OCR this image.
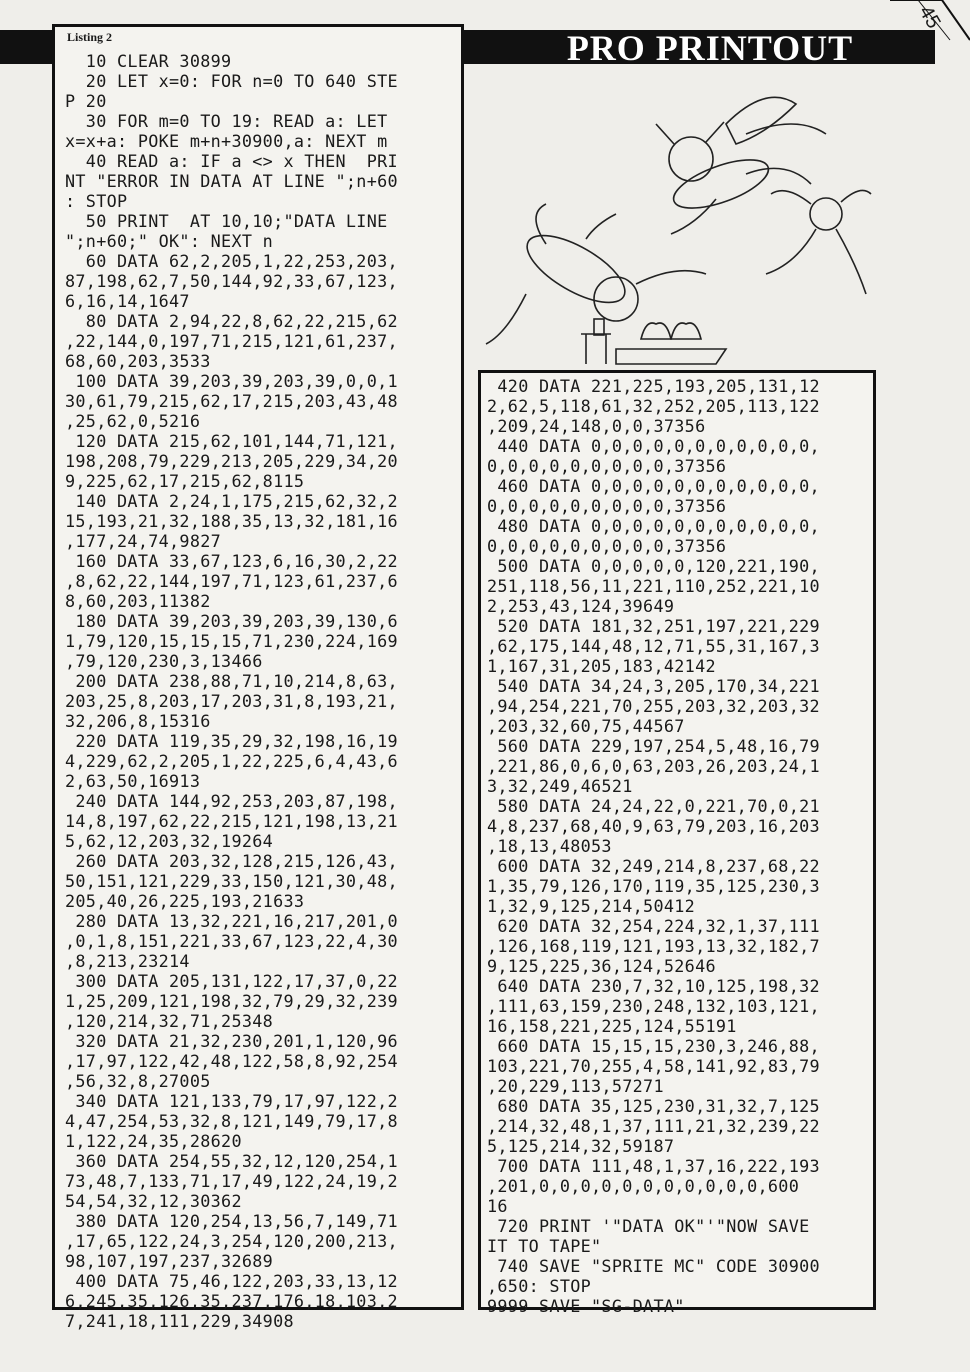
PRO PRINTOUT
45
Listing 2
10 CLEAR 30899
20 LET x=0: FOR n=0 TO 640 STE
P 20
30 FOR m=0 TO 19: READ a: LET
x=x+a: POKE m+n+30900,a: NEXT m
40 READ a: IF a <> x THEN  PRI
NT "ERROR IN DATA AT LINE ";n+60
: STOP
50 PRINT  AT 10,10;"DATA LINE
";n+60;" OK": NEXT n
60 DATA 62,2,205,1,22,253,203,
87,198,62,7,50,144,92,33,67,123,
6,16,14,1647
80 DATA 2,94,22,8,62,22,215,62
,22,144,0,197,71,215,121,61,237,
68,60,203,3533
100 DATA 39,203,39,203,39,0,0,1
30,61,79,215,62,17,215,203,43,48
,25,62,0,5216
120 DATA 215,62,101,144,71,121,
198,208,79,229,213,205,229,34,20
9,225,62,17,215,62,8115
140 DATA 2,24,1,175,215,62,32,2
15,193,21,32,188,35,13,32,181,16
,177,24,74,9827
160 DATA 33,67,123,6,16,30,2,22
,8,62,22,144,197,71,123,61,237,6
8,60,203,11382
180 DATA 39,203,39,203,39,130,6
1,79,120,15,15,15,71,230,224,169
,79,120,230,3,13466
200 DATA 238,88,71,10,214,8,63,
203,25,8,203,17,203,31,8,193,21,
32,206,8,15316
220 DATA 119,35,29,32,198,16,19
4,229,62,2,205,1,22,225,6,4,43,6
2,63,50,16913
240 DATA 144,92,253,203,87,198,
14,8,197,62,22,215,121,198,13,21
5,62,12,203,32,19264
260 DATA 203,32,128,215,126,43,
50,151,121,229,33,150,121,30,48,
205,40,26,225,193,21633
280 DATA 13,32,221,16,217,201,0
,0,1,8,151,221,33,67,123,22,4,30
,8,213,23214
300 DATA 205,131,122,17,37,0,22
1,25,209,121,198,32,79,29,32,239
,120,214,32,71,25348
320 DATA 21,32,230,201,1,120,96
,17,97,122,42,48,122,58,8,92,254
,56,32,8,27005
340 DATA 121,133,79,17,97,122,2
4,47,254,53,32,8,121,149,79,17,8
1,122,24,35,28620
360 DATA 254,55,32,12,120,254,1
73,48,7,133,71,17,49,122,24,19,2
54,54,32,12,30362
380 DATA 120,254,13,56,7,149,71
,17,65,122,24,3,254,120,200,213,
98,107,197,237,32689
400 DATA 75,46,122,203,33,13,12
6,245,35,126,35,237,176,18,103,2
7,241,18,111,229,34908
420 DATA 221,225,193,205,131,12
2,62,5,118,61,32,252,205,113,122
,209,24,148,0,0,37356
440 DATA 0,0,0,0,0,0,0,0,0,0,0,
0,0,0,0,0,0,0,0,0,37356
460 DATA 0,0,0,0,0,0,0,0,0,0,0,
0,0,0,0,0,0,0,0,0,37356
480 DATA 0,0,0,0,0,0,0,0,0,0,0,
0,0,0,0,0,0,0,0,0,37356
500 DATA 0,0,0,0,0,120,221,190,
251,118,56,11,221,110,252,221,10
2,253,43,124,39649
520 DATA 181,32,251,197,221,229
,62,175,144,48,12,71,55,31,167,3
1,167,31,205,183,42142
540 DATA 34,24,3,205,170,34,221
,94,254,221,70,255,203,32,203,32
,203,32,60,75,44567
560 DATA 229,197,254,5,48,16,79
,221,86,0,6,0,63,203,26,203,24,1
3,32,249,46521
580 DATA 24,24,22,0,221,70,0,21
4,8,237,68,40,9,63,79,203,16,203
,18,13,48053
600 DATA 32,249,214,8,237,68,22
1,35,79,126,170,119,35,125,230,3
1,32,9,125,214,50412
620 DATA 32,254,224,32,1,37,111
,126,168,119,121,193,13,32,182,7
9,125,225,36,124,52646
640 DATA 230,7,32,10,125,198,32
,111,63,159,230,248,132,103,121,
16,158,221,225,124,55191
660 DATA 15,15,15,230,3,246,88,
103,221,70,255,4,58,141,92,83,79
,20,229,113,57271
680 DATA 35,125,230,31,32,7,125
,214,32,48,1,37,111,21,32,239,22
5,125,214,32,59187
700 DATA 111,48,1,37,16,222,193
,201,0,0,0,0,0,0,0,0,0,0,0,600
16
720 PRINT '"DATA OK"'"NOW SAVE
IT TO TAPE"
740 SAVE "SPRITE MC" CODE 30900
,650: STOP
9999 SAVE "SG-DATA"
